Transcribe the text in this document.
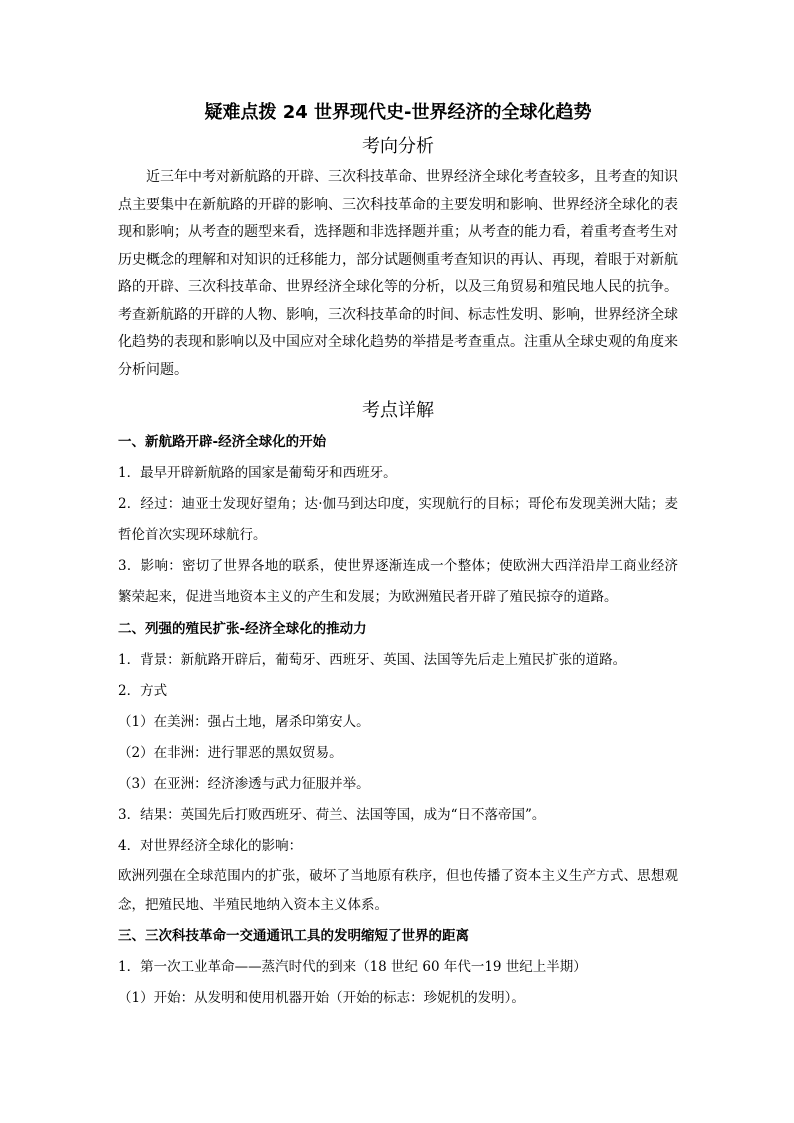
疑难点拨 24 世界现代史-世界经济的全球化趋势
考向分析

近三年中考对新航路的开辟、三次科技革命、世界经济全球化考查较多，且考查的知识点主要集中在新航路的开辟的影响、三次科技革命的主要发明和影响、世界经济全球化的表现和影响；从考查的题型来看，选择题和非选择题并重；从考查的能力看，着重考查考生对历史概念的理解和对知识的迁移能力，部分试题侧重考查知识的再认、再现，着眼于对新航路的开辟、三次科技革命、世界经济全球化等的分析，以及三角贸易和殖民地人民的抗争。考查新航路的开辟的人物、影响，三次科技革命的时间、标志性发明、影响，世界经济全球化趋势的表现和影响以及中国应对全球化趋势的举措是考查重点。注重从全球史观的角度来分析问题。

考点详解
一、新航路开辟-经济全球化的开始

1．最早开辟新航路的国家是葡萄牙和西班牙。

2．经过：迪亚士发现好望角；达·伽马到达印度，实现航行的目标；哥伦布发现美洲大陆；麦哲伦首次实现环球航行。

3．影响：密切了世界各地的联系，使世界逐渐连成一个整体；使欧洲大西洋沿岸工商业经济繁荣起来，促进当地资本主义的产生和发展；为欧洲殖民者开辟了殖民掠夺的道路。

二、列强的殖民扩张-经济全球化的推动力

1．背景：新航路开辟后，葡萄牙、西班牙、英国、法国等先后走上殖民扩张的道路。

2．方式

（1）在美洲：强占土地，屠杀印第安人。

（2）在非洲：进行罪恶的黑奴贸易。

（3）在亚洲：经济渗透与武力征服并举。

3．结果：英国先后打败西班牙、荷兰、法国等国，成为“日不落帝国”。

4．对世界经济全球化的影响：

欧洲列强在全球范围内的扩张，破坏了当地原有秩序，但也传播了资本主义生产方式、思想观念，把殖民地、半殖民地纳入资本主义体系。

三、三次科技革命一交通通讯工具的发明缩短了世界的距离

1．第一次工业革命——蒸汽时代的到来（18 世纪 60 年代一19 世纪上半期）

（1）开始：从发明和使用机器开始（开始的标志：珍妮机的发明）。
